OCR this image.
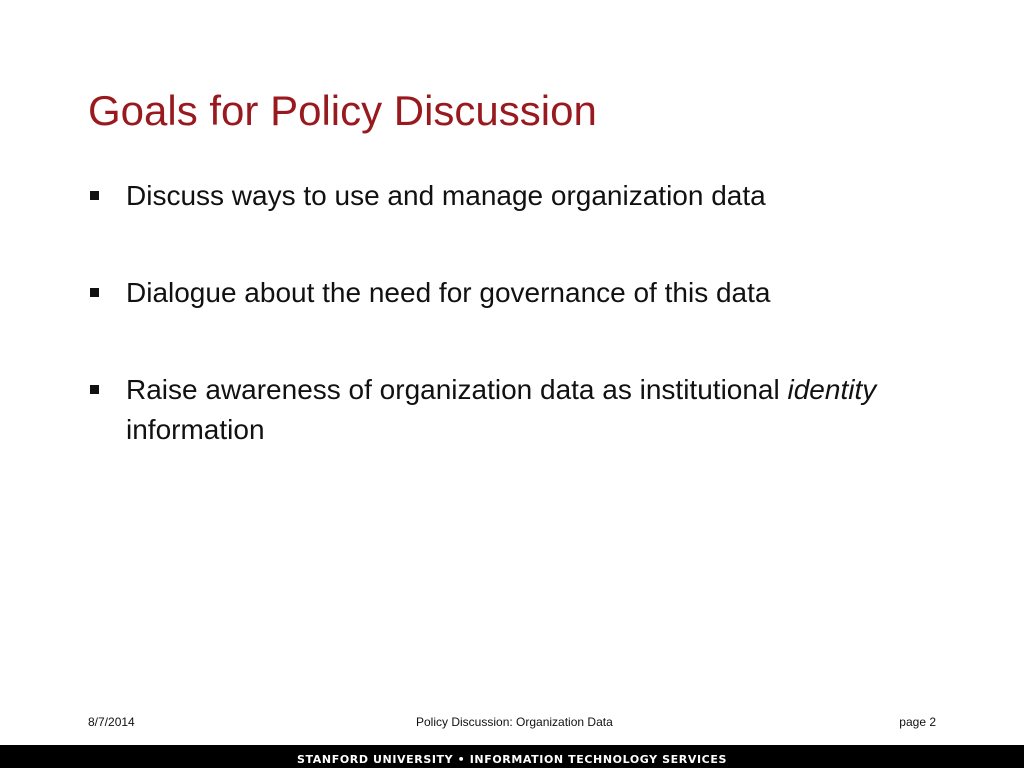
Goals for Policy Discussion
Discuss ways to use and manage organization data
Dialogue about the need for governance of this data
Raise awareness of organization data as institutional identity information
8/7/2014	Policy Discussion: Organization Data	page 2
STANFORD UNIVERSITY • INFORMATION TECHNOLOGY SERVICES
